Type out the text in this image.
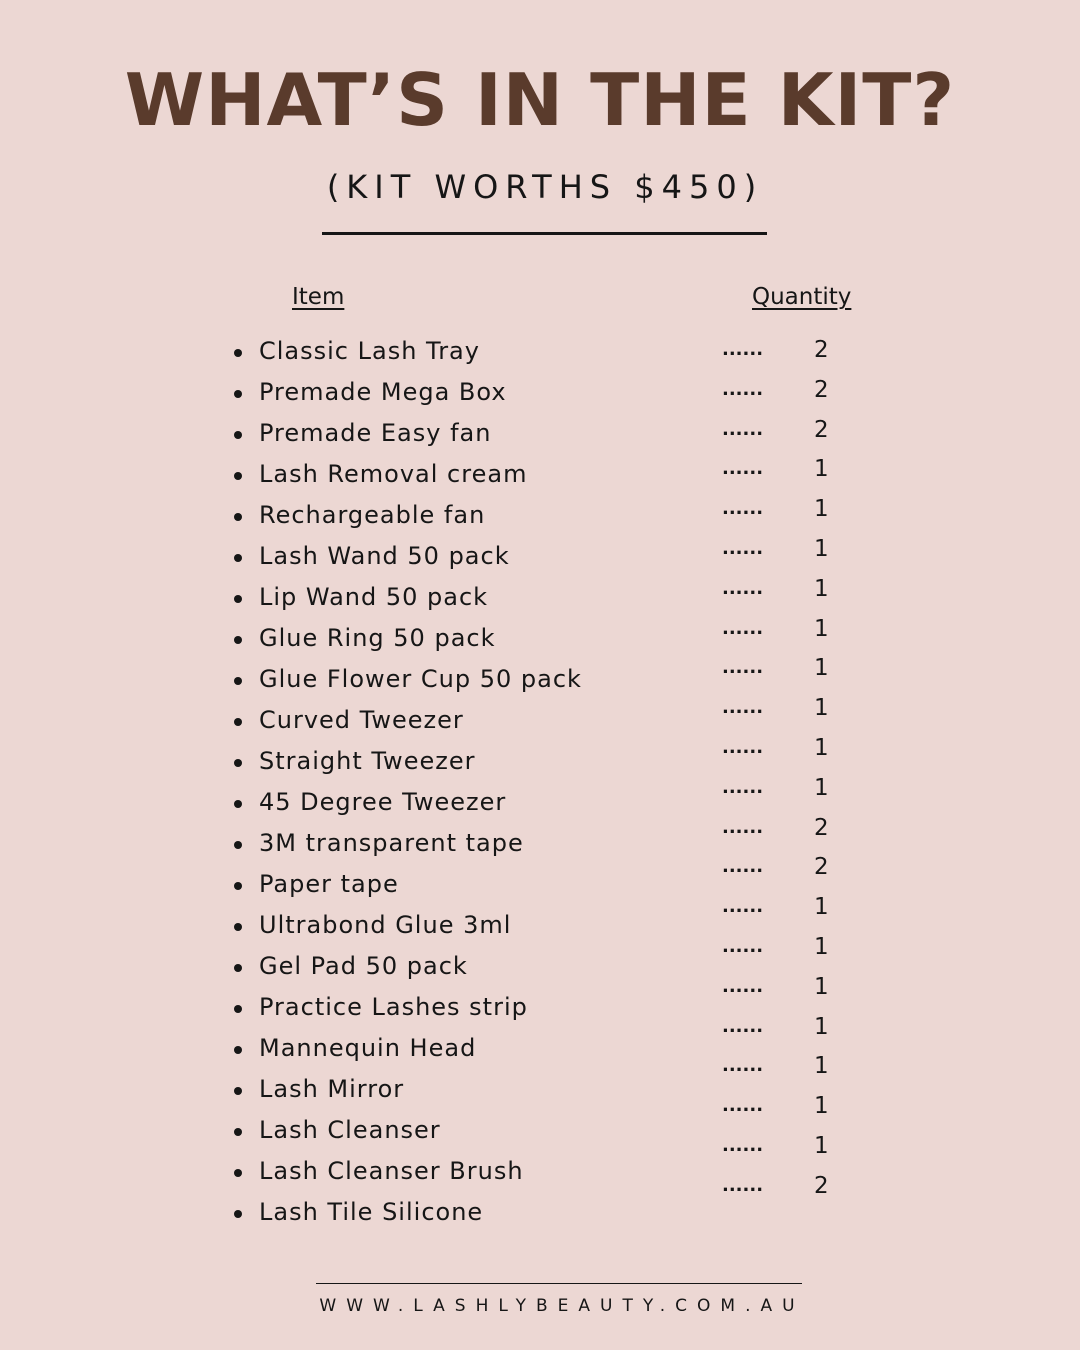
WHAT’S IN THE KIT?
(KIT WORTHS $450)
Item	Quantity
Classic Lash Tray
Premade Mega Box
Premade Easy fan
Lash Removal cream
Rechargeable fan
Lash Wand 50 pack
Lip Wand 50 pack
Glue Ring 50 pack
Glue Flower Cup 50 pack
Curved Tweezer
Straight Tweezer
45 Degree Tweezer
3M transparent tape
Paper tape
Ultrabond Glue 3ml
Gel Pad 50 pack
Practice Lashes strip
Mannequin Head
Lash Mirror
Lash Cleanser
Lash Cleanser Brush
Lash Tile Silicone
...... 2
...... 2
...... 2
...... 1
...... 1
...... 1
...... 1
...... 1
...... 1
...... 1
...... 1
...... 1
...... 2
...... 2
...... 1
...... 1
...... 1
...... 1
...... 1
...... 1
...... 1
...... 2
WWW.LASHLYBEAUTY.COM.AU
